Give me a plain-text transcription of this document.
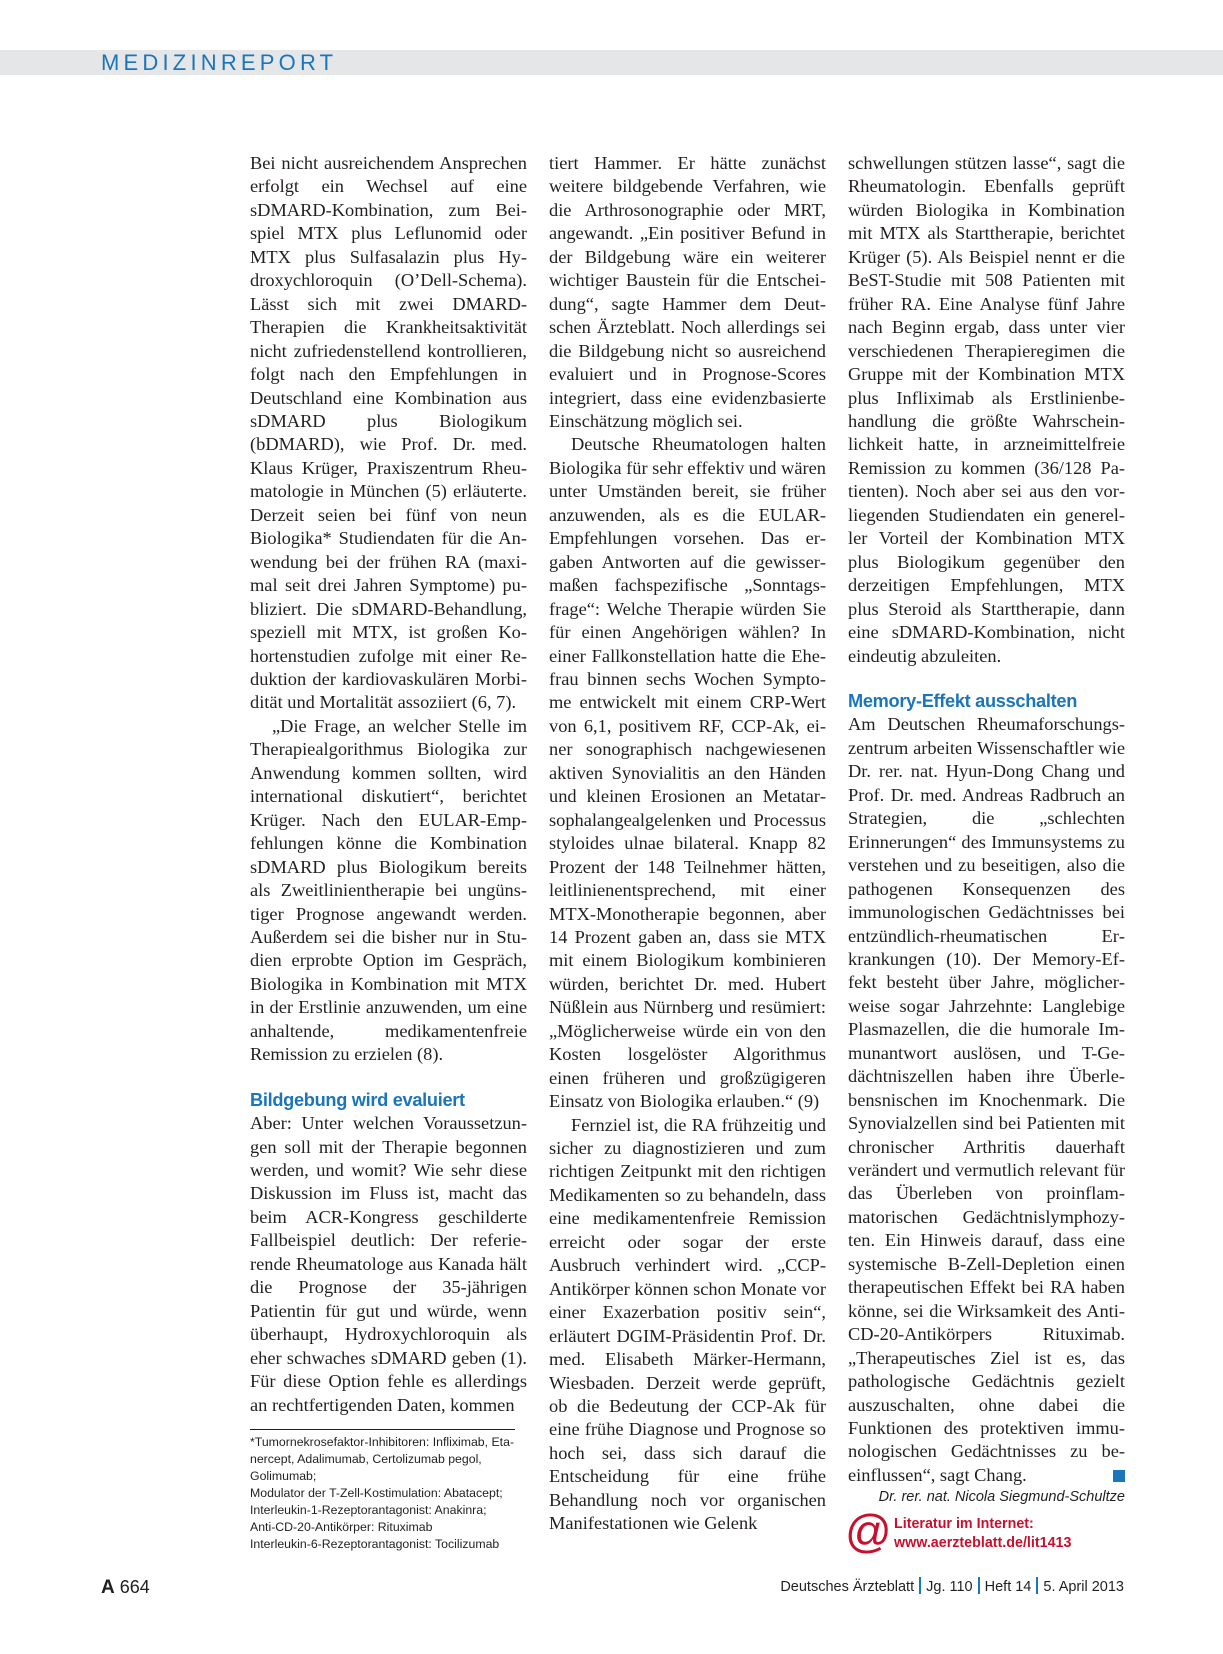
MEDIZINREPORT

Bei nicht ausreichendem Ansprechen erfolgt ein Wechsel auf eine sDMARD-Kombination, zum Beispiel MTX plus Leflunomid oder MTX plus Sulfasalazin plus Hydroxychloroquin (O’Dell-Schema). Lässt sich mit zwei DMARD-Therapien die Krankheitsaktivität nicht zufriedenstellend kontrollieren, folgt nach den Empfehlungen in Deutschland eine Kombination aus sDMARD plus Biologikum (bDMARD), wie Prof. Dr. med. Klaus Krüger, Praxiszentrum Rheumatologie in München (5) erläuterte. Derzeit seien bei fünf von neun Biologika* Studiendaten für die Anwendung bei der frühen RA (maximal seit drei Jahren Symptome) publiziert. Die sDMARD-Behandlung, speziell mit MTX, ist großen Kohortenstudien zufolge mit einer Reduktion der kardiovaskulären Morbidität und Mortalität assoziiert (6, 7).

„Die Frage, an welcher Stelle im Therapiealgorithmus Biologika zur Anwendung kommen sollten, wird international diskutiert“, berichtet Krüger. Nach den EULAR-Empfehlungen könne die Kombination sDMARD plus Biologikum bereits als Zweitlinientherapie bei ungünstiger Prognose angewandt werden. Außerdem sei die bisher nur in Studien erprobte Option im Gespräch, Biologika in Kombination mit MTX in der Erstlinie anzuwenden, um eine anhaltende, medikamentenfreie Remission zu erzielen (8).

Bildgebung wird evaluiert

Aber: Unter welchen Voraussetzungen soll mit der Therapie begonnen werden, und womit? Wie sehr diese Diskussion im Fluss ist, macht das beim ACR-Kongress geschilderte Fallbeispiel deutlich: Der referierende Rheumatologe aus Kanada hält die Prognose der 35-jährigen Patientin für gut und würde, wenn überhaupt, Hydroxychloroquin als eher schwaches sDMARD geben (1). Für diese Option fehle es allerdings an rechtfertigenden Daten, kommen

tiert Hammer. Er hätte zunächst weitere bildgebende Verfahren, wie die Arthrosonographie oder MRT, angewandt. „Ein positiver Befund in der Bildgebung wäre ein weiterer wichtiger Baustein für die Entscheidung“, sagte Hammer dem Deutschen Ärzteblatt. Noch allerdings sei die Bildgebung nicht so ausreichend evaluiert und in Prognose-Scores integriert, dass eine evidenzbasierte Einschätzung möglich sei.

Deutsche Rheumatologen halten Biologika für sehr effektiv und wären unter Umständen bereit, sie früher anzuwenden, als es die EULAR-Empfehlungen vorsehen. Das ergaben Antworten auf die gewissermaßen fachspezifische „Sonntagsfrage“: Welche Therapie würden Sie für einen Angehörigen wählen? In einer Fallkonstellation hatte die Ehefrau binnen sechs Wochen Symptome entwickelt mit einem CRP-Wert von 6,1, positivem RF, CCP-Ak, einer sonographisch nachgewiesenen aktiven Synovialitis an den Händen und kleinen Erosionen an Metatarsophalangealgelenken und Processus styloides ulnae bilateral. Knapp 82 Prozent der 148 Teilnehmer hätten, leitlinienentsprechend, mit einer MTX-Monotherapie begonnen, aber 14 Prozent gaben an, dass sie MTX mit einem Biologikum kombinieren würden, berichtet Dr. med. Hubert Nüßlein aus Nürnberg und resümiert: „Möglicherweise würde ein von den Kosten losgelöster Algorithmus einen früheren und großzügigeren Einsatz von Biologika erlauben.“ (9)

Fernziel ist, die RA frühzeitig und sicher zu diagnostizieren und zum richtigen Zeitpunkt mit den richtigen Medikamenten so zu behandeln, dass eine medikamentenfreie Remission erreicht oder sogar der erste Ausbruch verhindert wird. „CCP-Antikörper können schon Monate vor einer Exazerbation positiv sein“, erläutert DGIM-Präsidentin Prof. Dr. med. Elisabeth Märker-Hermann, Wiesbaden. Derzeit werde geprüft, ob die Bedeutung der CCP-Ak für eine frühe Diagnose und Prognose so hoch sei, dass sich darauf die Entscheidung für eine frühe Behandlung noch vor organischen Manifestationen wie Gelenk

schwellungen stützen lasse“, sagt die Rheumatologin. Ebenfalls geprüft würden Biologika in Kombination mit MTX als Starttherapie, berichtet Krüger (5). Als Beispiel nennt er die BeST-Studie mit 508 Patienten mit früher RA. Eine Analyse fünf Jahre nach Beginn ergab, dass unter vier verschiedenen Therapieregimen die Gruppe mit der Kombination MTX plus Infliximab als Erstlinienbehandlung die größte Wahrscheinlichkeit hatte, in arzneimittelfreie Remission zu kommen (36/128 Patienten). Noch aber sei aus den vorliegenden Studiendaten ein genereller Vorteil der Kombination MTX plus Biologikum gegenüber den derzeitigen Empfehlungen, MTX plus Steroid als Starttherapie, dann eine sDMARD-Kombination, nicht eindeutig abzuleiten.

Memory-Effekt ausschalten

Am Deutschen Rheumaforschungszentrum arbeiten Wissenschaftler wie Dr. rer. nat. Hyun-Dong Chang und Prof. Dr. med. Andreas Radbruch an Strategien, die „schlechten Erinnerungen“ des Immunsystems zu verstehen und zu beseitigen, also die pathogenen Konsequenzen des immunologischen Gedächtnisses bei entzündlich-rheumatischen Erkrankungen (10). Der Memory-Effekt besteht über Jahre, möglicherweise sogar Jahrzehnte: Langlebige Plasmazellen, die die humorale Immunantwort auslösen, und T-Gedächtniszellen haben ihre Überlebensnischen im Knochenmark. Die Synovialzellen sind bei Patienten mit chronischer Arthritis dauerhaft verändert und vermutlich relevant für das Überleben von proinflammatorischen Gedächtnislymphozyten. Ein Hinweis darauf, dass eine systemische B-Zell-Depletion einen therapeutischen Effekt bei RA haben könne, sei die Wirksamkeit des Anti-CD-20-Antikörpers Rituximab. „Therapeutisches Ziel ist es, das pathologische Gedächtnis gezielt auszuschalten, ohne dabei die Funktionen des protektiven immunologischen Gedächtnisses zu beeinflussen“, sagt Chang.

Dr. rer. nat. Nicola Siegmund-Schultze
*Tumornekrosefaktor-Inhibitoren: Infliximab, Etanercept, Adalimumab, Certolizumab pegol, Golimumab;
Modulator der T-Zell-Kostimulation: Abatacept;
Interleukin-1-Rezeptorantagonist: Anakinra;
Anti-CD-20-Antikörper: Rituximab
Interleukin-6-Rezeptorantagonist: Tocilizumab	@ Literatur im Internet:
www.aerzteblatt.de/lit1413
A 664	Deutsches Ärzteblatt Jg. 110 Heft 14 5. April 2013
